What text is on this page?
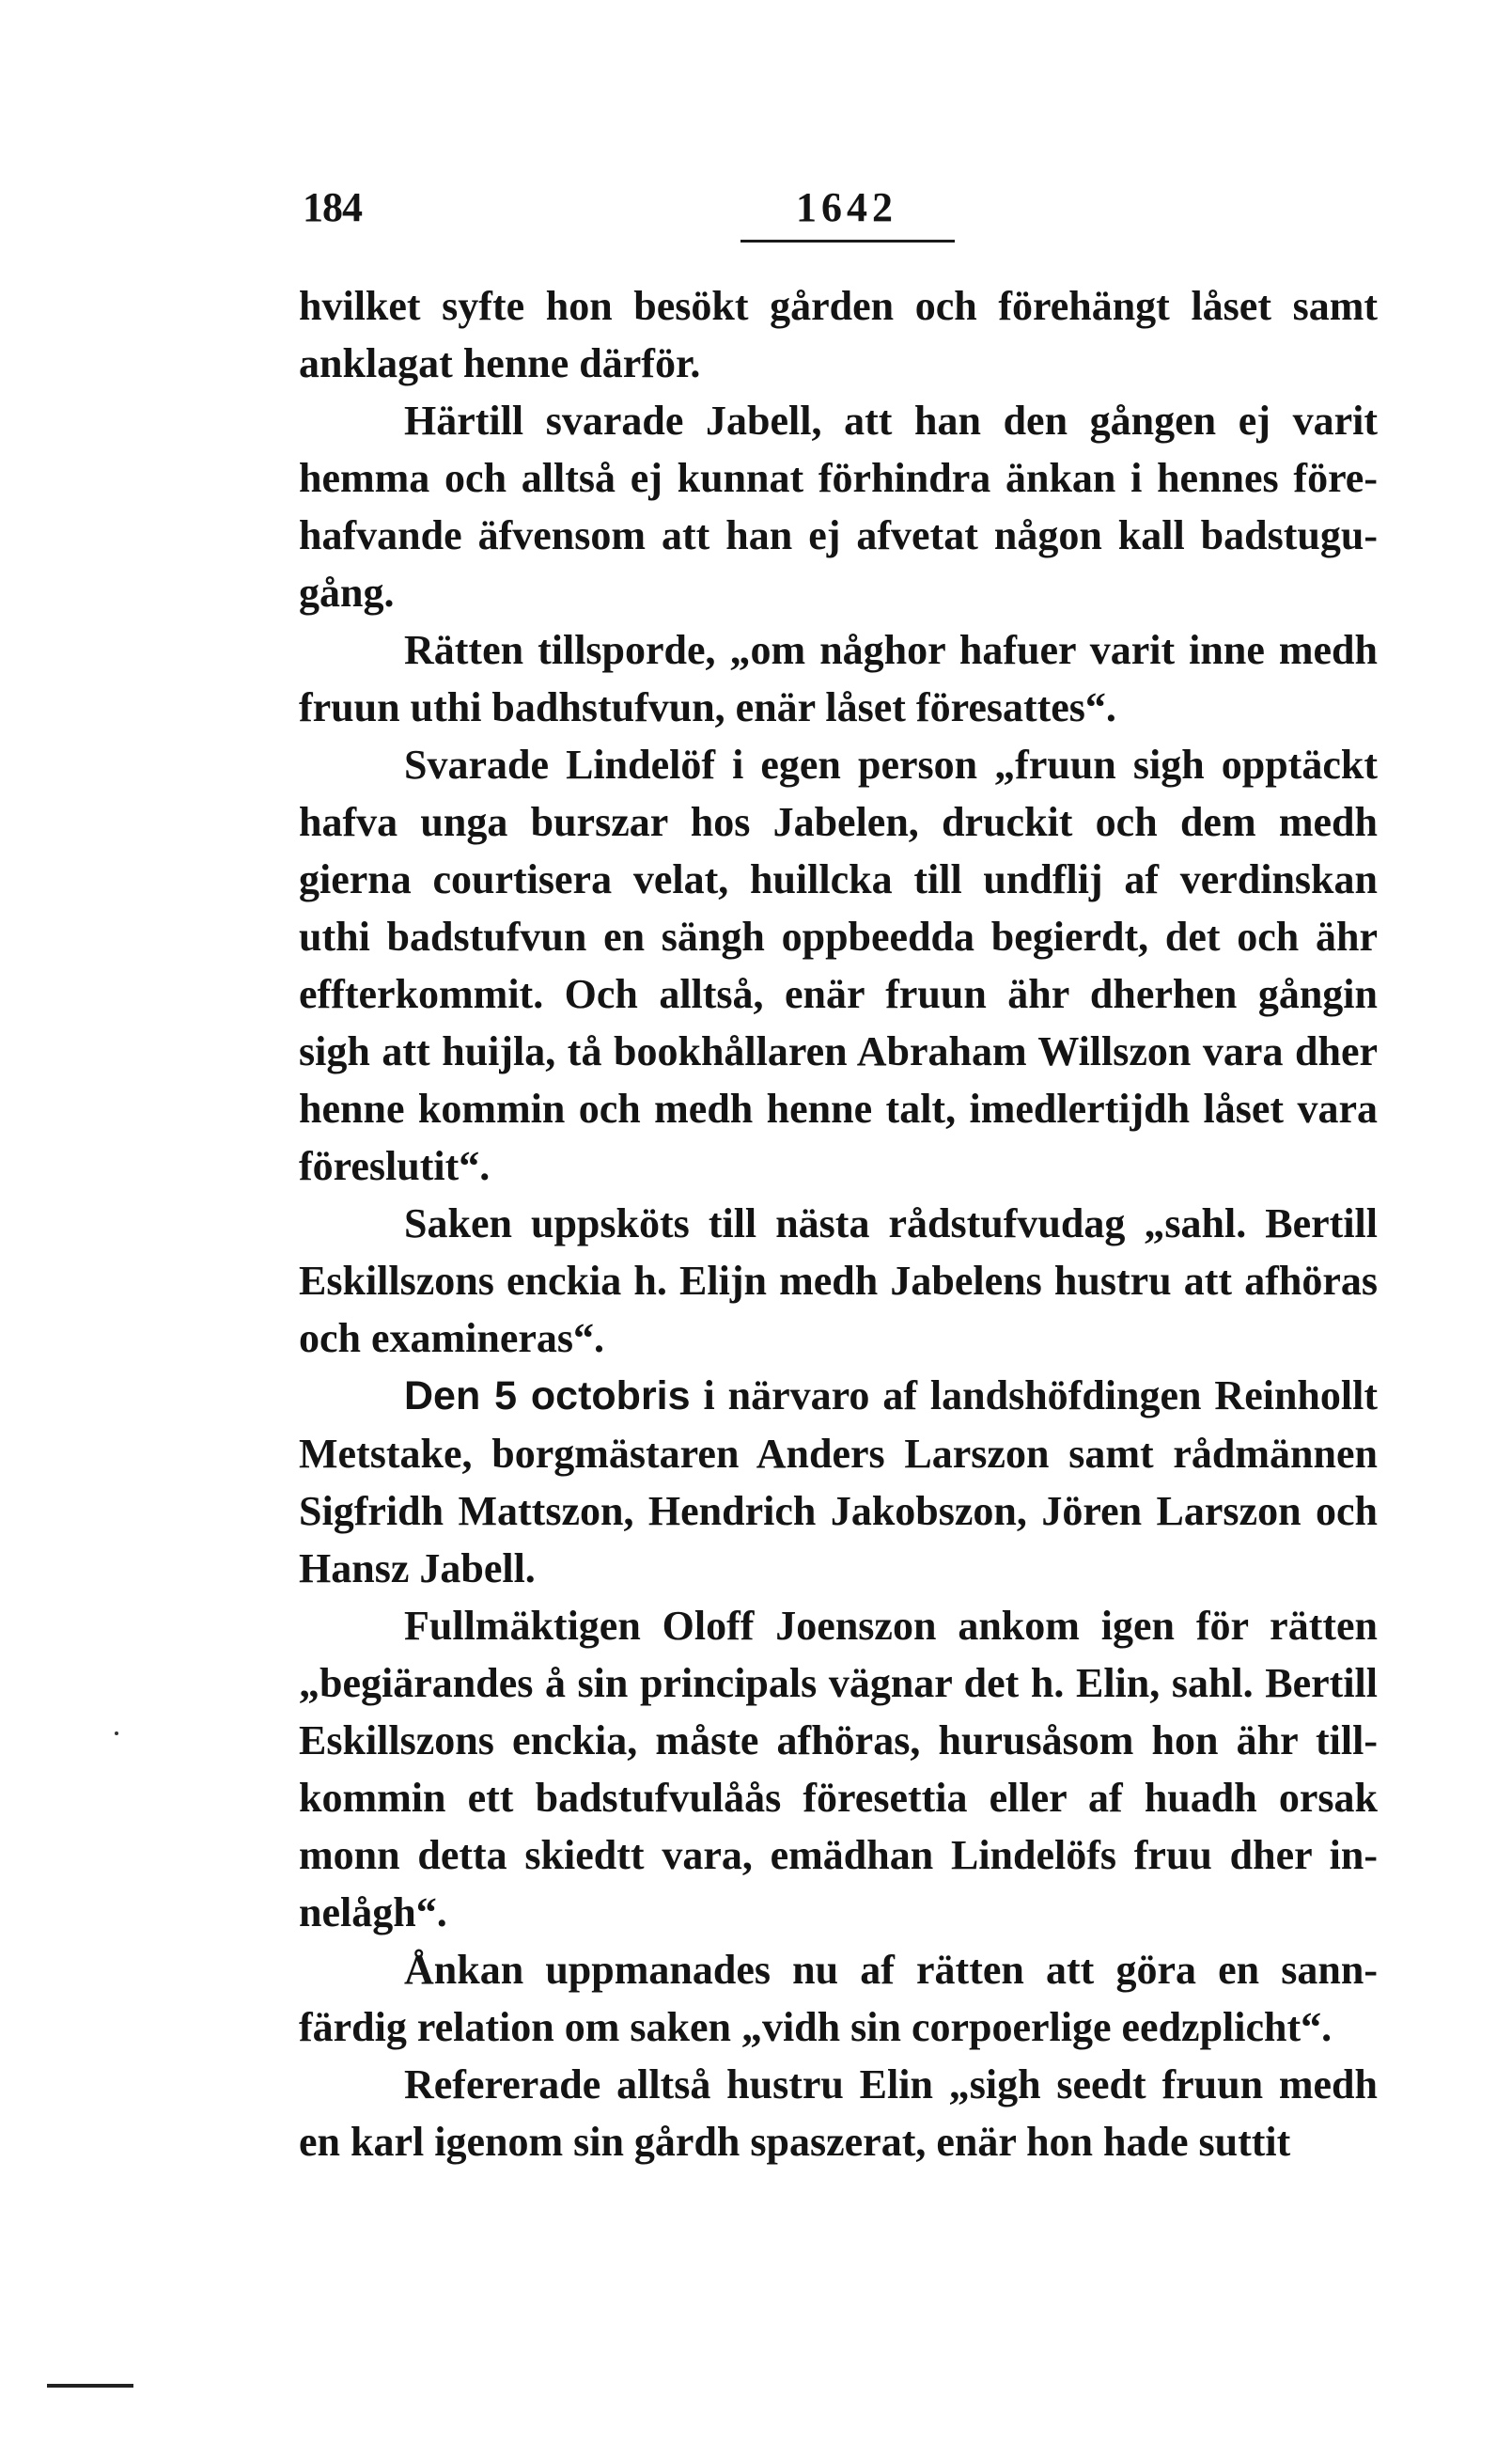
184	1642

hvilket syfte hon besökt gården och förehängt låset samt anklagat henne därför.

Härtill svarade Jabell, att han den gången ej varit hemma och alltså ej kunnat förhindra änkan i hennes förehafvande äfvensom att han ej afvetat någon kall badstugugång.

Rätten tillsporde, „om någhor hafuer varit inne medh fruun uthi badhstufvun, enär låset föresattes“.

Svarade Lindelöf i egen person „fruun sigh opptäckt hafva unga burszar hos Jabelen, druckit och dem medh gierna courtisera velat, huillcka till undflij af verdinskan uthi badstufvun en sängh oppbeedda begierdt, det och ähr effterkommit. Och alltså, enär fruun ähr dherhen gångin sigh att huijla, tå bookhållaren Abraham Willszon vara dher henne kommin och medh henne talt, imedlertijdh låset vara föreslutit“.

Saken uppsköts till nästa rådstufvudag „sahl. Bertill Eskillszons enckia h. Elijn medh Jabelens hustru att afhöras och examineras“.

Den 5 octobris i närvaro af landshöfdingen Reinhollt Metstake, borgmästaren Anders Larszon samt rådmännen Sigfridh Mattszon, Hendrich Jakobszon, Jören Larszon och Hansz Jabell.

Fullmäktigen Oloff Joenszon ankom igen för rätten „begiärandes å sin principals vägnar det h. Elin, sahl. Bertill Eskillszons enckia, måste afhöras, hurusåsom hon ähr tillkommin ett badstufvulåås föresettia eller af huadh orsak monn detta skiedtt vara, emädhan Lindelöfs fruu dher innelågh“.

Ånkan uppmanades nu af rätten att göra en sannfärdig relation om saken „vidh sin corpoerlige eedzplicht“.

Refererade alltså hustru Elin „sigh seedt fruun medh en karl igenom sin gårdh spaszerat, enär hon hade suttit
